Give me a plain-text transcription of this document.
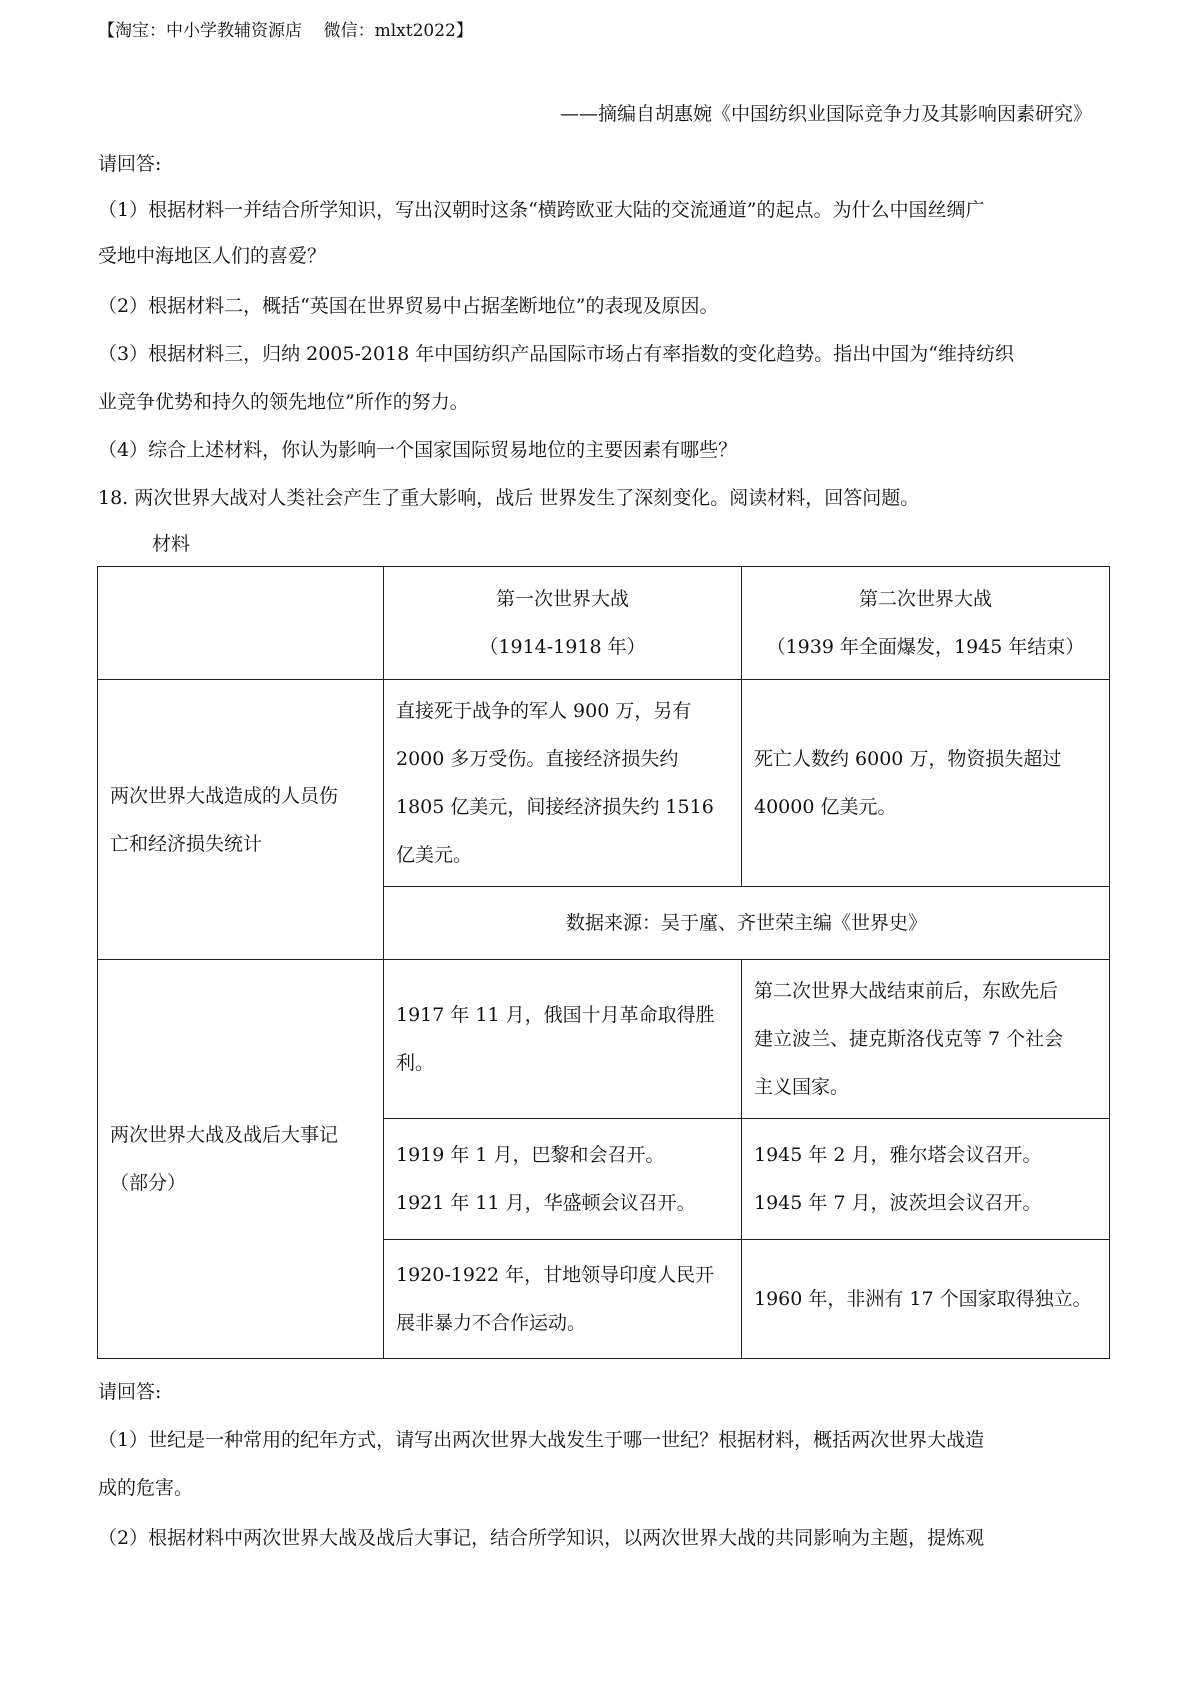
【淘宝：中小学教辅资源店    微信：mlxt2022】
——摘编自胡惠婉《中国纺织业国际竞争力及其影响因素研究》
请回答:
（1）根据材料一并结合所学知识，写出汉朝时这条“横跨欧亚大陆的交流通道”的起点。为什么中国丝绸广
受地中海地区人们的喜爱？
（2）根据材料二，概括“英国在世界贸易中占据垄断地位”的表现及原因。
（3）根据材料三，归纳 2005-2018 年中国纺织产品国际市场占有率指数的变化趋势。指出中国为“维持纺织
业竞争优势和持久的领先地位”所作的努力。
（4）综合上述材料，你认为影响一个国家国际贸易地位的主要因素有哪些？
18. 两次世界大战对人类社会产生了重大影响，战后 世界发生了深刻变化。阅读材料，回答问题。
材料

	第一次世界大战
（1914-1918 年）	第二次世界大战
（1939 年全面爆发，1945 年结束）

两次世界大战造成的人员伤
亡和经济损失统计	直接死于战争的军人 900 万，另有
2000 多万受伤。直接经济损失约
1805 亿美元，间接经济损失约 1516
亿美元。	死亡人数约 6000 万，物资损失超过
40000 亿美元。

	数据来源：吴于廑、齐世荣主编《世界史》	

两次世界大战及战后大事记
（部分）	1917 年 11 月，俄国十月革命取得胜
利。	第二次世界大战结束前后，东欧先后
建立波兰、捷克斯洛伐克等 7 个社会
主义国家。

	1919 年 1 月，巴黎和会召开。
1921 年 11 月，华盛顿会议召开。	1945 年 2 月，雅尔塔会议召开。
1945 年 7 月，波茨坦会议召开。

	1920-1922 年，甘地领导印度人民开
展非暴力不合作运动。	1960 年，非洲有 17 个国家取得独立。
请回答:
（1）世纪是一种常用的纪年方式，请写出两次世界大战发生于哪一世纪？根据材料，概括两次世界大战造
成的危害。
（2）根据材料中两次世界大战及战后大事记，结合所学知识，以两次世界大战的共同影响为主题，提炼观
